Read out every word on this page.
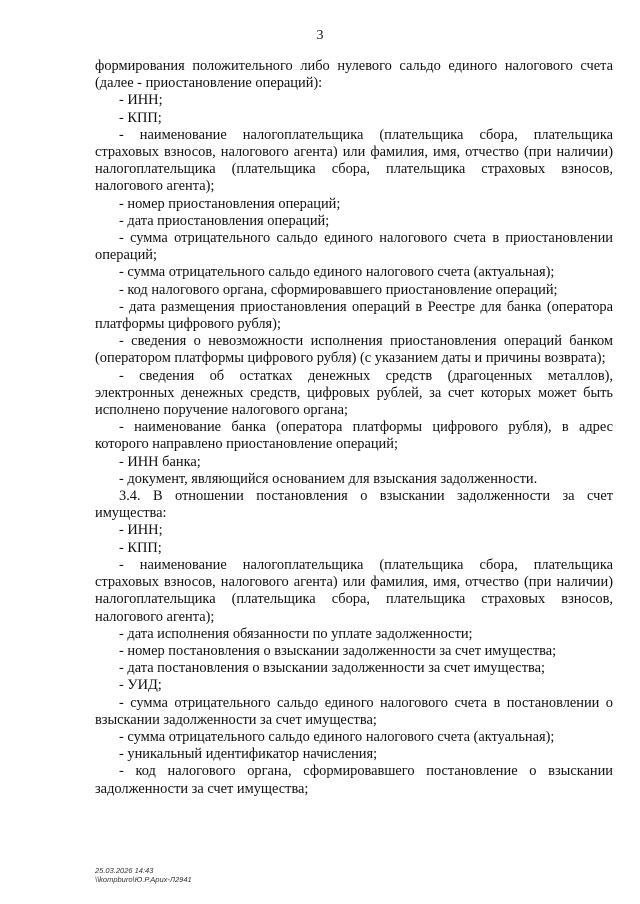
3

формирования положительного либо нулевого сальдо единого налогового счета (далее - приостановление операций):

- ИНН;

- КПП;

- наименование налогоплательщика (плательщика сбора, плательщика страховых взносов, налогового агента) или фамилия, имя, отчество (при наличии) налогоплательщика (плательщика сбора, плательщика страховых взносов, налогового агента);

- номер приостановления операций;

- дата приостановления операций;

- сумма отрицательного сальдо единого налогового счета в приостановлении операций;

- сумма отрицательного сальдо единого налогового счета (актуальная);

- код налогового органа, сформировавшего приостановление операций;

- дата размещения приостановления операций в Реестре для банка (оператора платформы цифрового рубля);

- сведения о невозможности исполнения приостановления операций банком (оператором платформы цифрового рубля) (с указанием даты и причины возврата);

- сведения об остатках денежных средств (драгоценных металлов), электронных денежных средств, цифровых рублей, за счет которых может быть исполнено поручение налогового органа;

- наименование банка (оператора платформы цифрового рубля), в адрес которого направлено приостановление операций;

- ИНН банка;

- документ, являющийся основанием для взыскания задолженности.

3.4. В отношении постановления о взыскании задолженности за счет имущества:

- ИНН;

- КПП;

- наименование налогоплательщика (плательщика сбора, плательщика страховых взносов, налогового агента) или фамилия, имя, отчество (при наличии) налогоплательщика (плательщика сбора, плательщика страховых взносов, налогового агента);

- дата исполнения обязанности по уплате задолженности;

- номер постановления о взыскании задолженности за счет имущества;

- дата постановления о взыскании задолженности за счет имущества;

- УИД;

- сумма отрицательного сальдо единого налогового счета в постановлении о взыскании задолженности за счет имущества;

- сумма отрицательного сальдо единого налогового счета (актуальная);

- уникальный идентификатор начисления;

- код налогового органа, сформировавшего постановление о взыскании задолженности за счет имущества;

25.03.2026 14:43
\\kompburo\Ю.Р.Арих-Л2941
